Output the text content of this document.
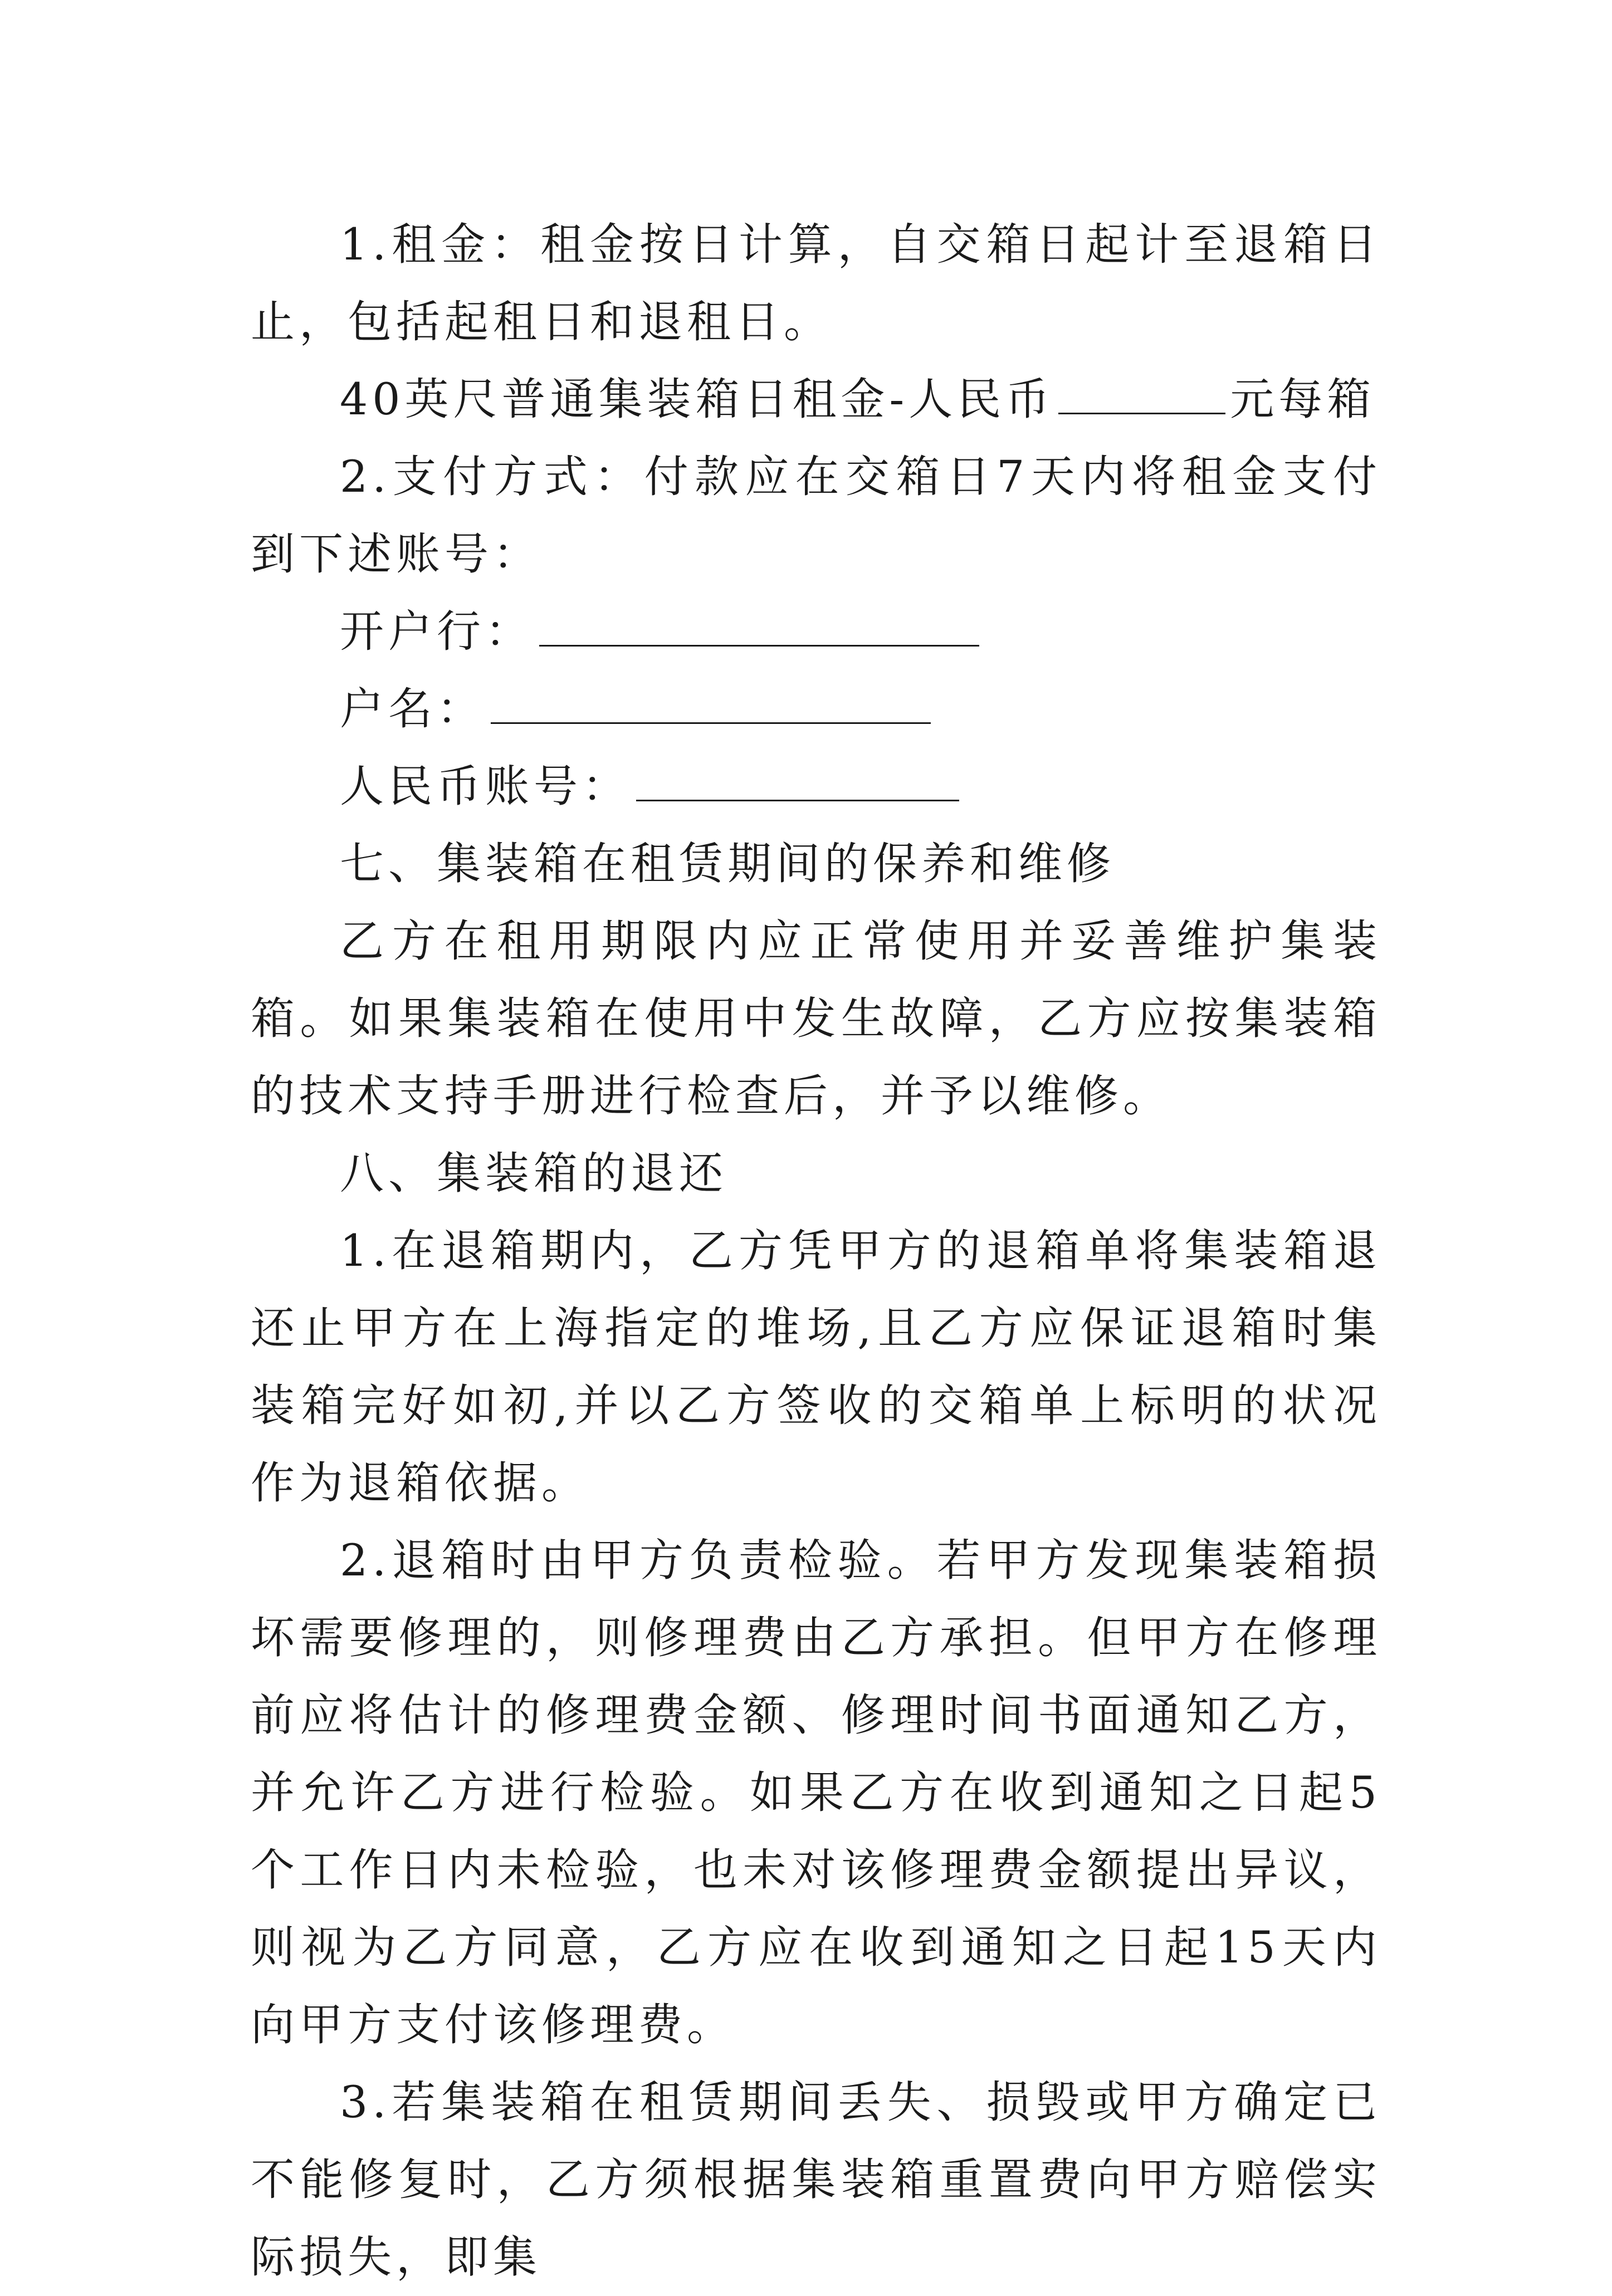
1.租金：租金按日计算，自交箱日起计至退箱日止，包括起租日和退租日。

40英尺普通集装箱日租金-人民币	元每箱

2.支付方式：付款应在交箱日7天内将租金支付到下述账号：

开户行：

户名：

人民币账号：

七、集装箱在租赁期间的保养和维修

乙方在租用期限内应正常使用并妥善维护集装箱。如果集装箱在使用中发生故障，乙方应按集装箱的技术支持手册进行检查后，并予以维修。

八、集装箱的退还

1.在退箱期内，乙方凭甲方的退箱单将集装箱退还止甲方在上海指定的堆场,且乙方应保证退箱时集装箱完好如初,并以乙方签收的交箱单上标明的状况作为退箱依据。

2.退箱时由甲方负责检验。若甲方发现集装箱损坏需要修理的，则修理费由乙方承担。但甲方在修理前应将估计的修理费金额、修理时间书面通知乙方，并允许乙方进行检验。如果乙方在收到通知之日起5个工作日内未检验，也未对该修理费金额提出异议，则视为乙方同意，乙方应在收到通知之日起15天内向甲方支付该修理费。

3.若集装箱在租赁期间丢失、损毁或甲方确定已不能修复时，乙方须根据集装箱重置费向甲方赔偿实际损失，即集
